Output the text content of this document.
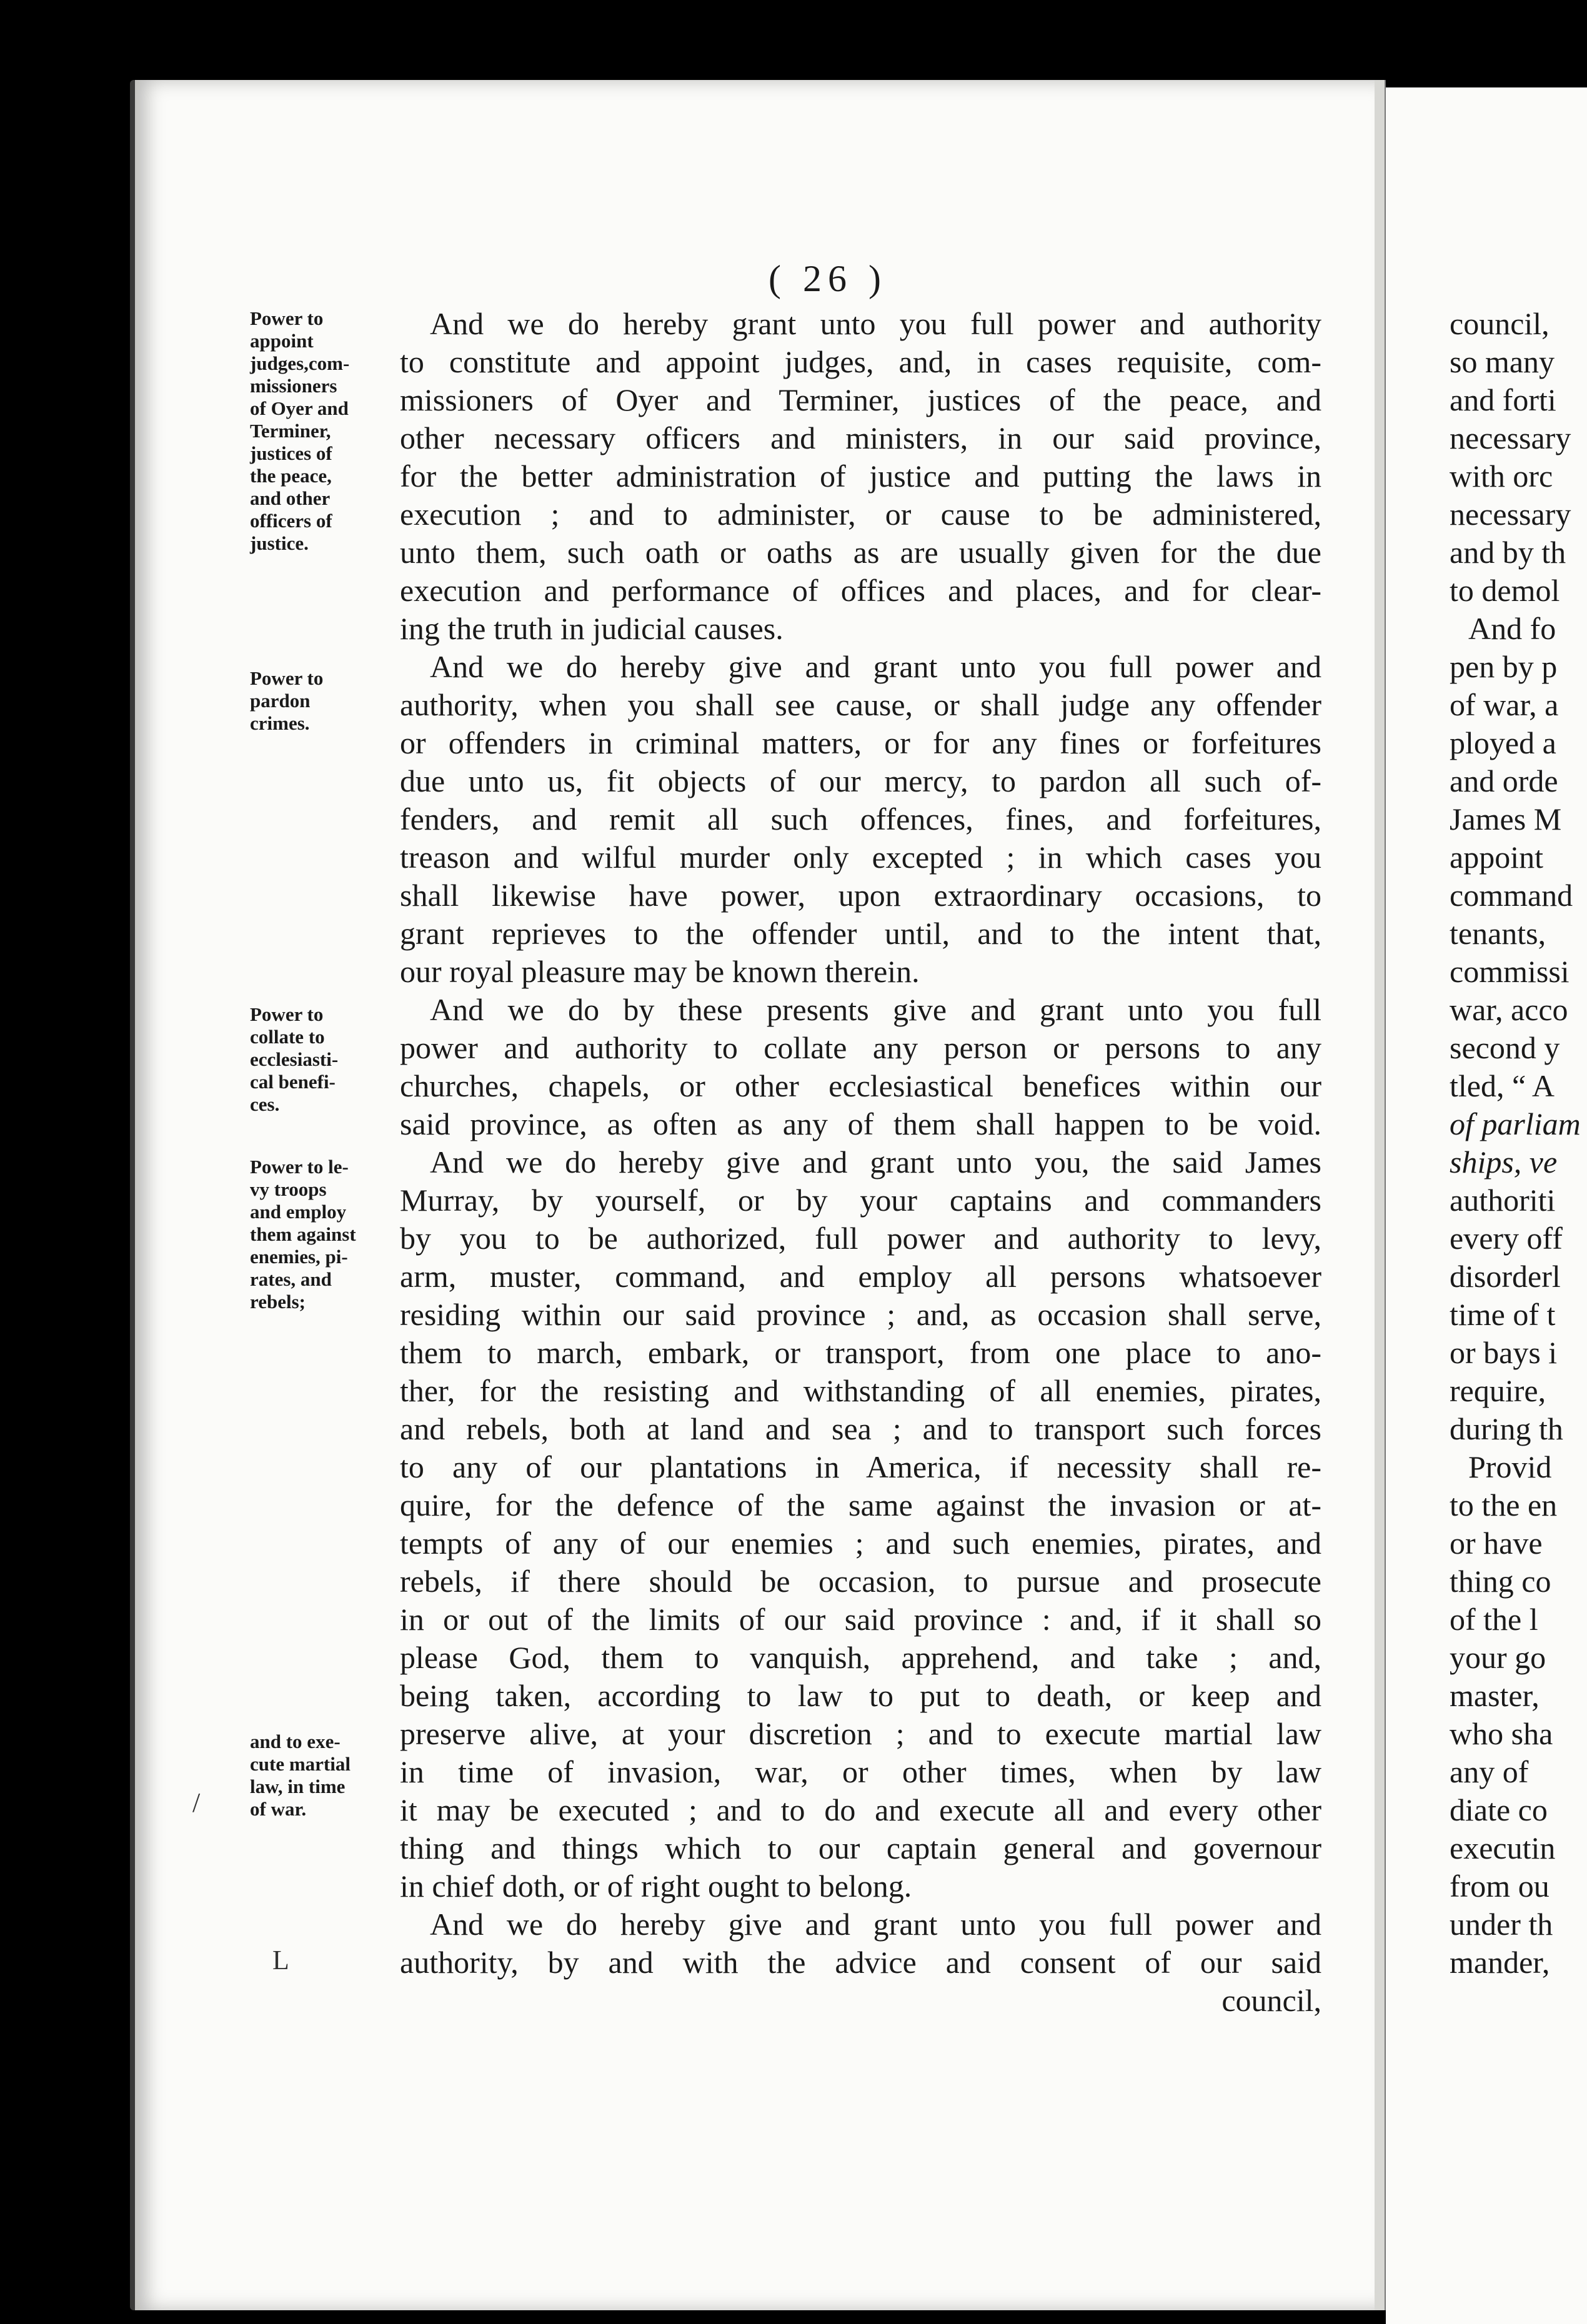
( 26 )
Power to
appoint
judges,com-
missioners
of Oyer and
Terminer,
justices of
the peace,
and other
officers of
justice.
Power to
pardon
crimes.
Power to
collate to
ecclesiasti-
cal benefi-
ces.
Power to le-
vy troops
and employ
them against
enemies, pi-
rates, and
rebels;
and to exe-
cute martial
law, in time
of war.
/
L
And we do hereby grant unto you full power and authority
to constitute and appoint judges, and, in cases requisite, com-
missioners of Oyer and Terminer, justices of the peace, and
other necessary officers and ministers, in our said province,
for the better administration of justice and putting the laws in
execution ; and to administer, or cause to be administered,
unto them, such oath or oaths as are usually given for the due
execution and performance of offices and places, and for clear-
ing the truth in judicial causes.
And we do hereby give and grant unto you full power and
authority, when you shall see cause, or shall judge any offender
or offenders in criminal matters, or for any fines or forfeitures
due unto us, fit objects of our mercy, to pardon all such of-
fenders, and remit all such offences, fines, and forfeitures,
treason and wilful murder only excepted ; in which cases you
shall likewise have power, upon extraordinary occasions, to
grant reprieves to the offender until, and to the intent that,
our royal pleasure may be known therein.
And we do by these presents give and grant unto you full
power and authority to collate any person or persons to any
churches, chapels, or other ecclesiastical benefices within our
said province, as often as any of them shall happen to be void.
And we do hereby give and grant unto you, the said James
Murray, by yourself, or by your captains and commanders
by you to be authorized, full power and authority to levy,
arm, muster, command, and employ all persons whatsoever
residing within our said province ; and, as occasion shall serve,
them to march, embark, or transport, from one place to ano-
ther, for the resisting and withstanding of all enemies, pirates,
and rebels, both at land and sea ; and to transport such forces
to any of our plantations in America, if necessity shall re-
quire, for the defence of the same against the invasion or at-
tempts of any of our enemies ; and such enemies, pirates, and
rebels, if there should be occasion, to pursue and prosecute
in or out of the limits of our said province : and, if it shall so
please God, them to vanquish, apprehend, and take ; and,
being taken, according to law to put to death, or keep and
preserve alive, at your discretion ; and to execute martial law
in time of invasion, war, or other times, when by law
it may be executed ; and to do and execute all and every other
thing and things which to our captain general and governour
in chief doth, or of right ought to belong.
And we do hereby give and grant unto you full power and
authority, by and with the advice and consent of our said
council,
council,
so many
and forti
necessary
with orc
necessary
and by th
to demol
And fo
pen by p
of war, a
ployed a
and orde
James M
appoint
command
tenants,
commissi
war, acco
second y
tled, “ A
of parliam
ships, ve
authoriti
every off
disorderl
time of t
or bays i
require,
during th
Provid
to the en
or have
thing co
of the l
your go
master,
who sha
any of
diate co
executin
from ou
under th
mander,
